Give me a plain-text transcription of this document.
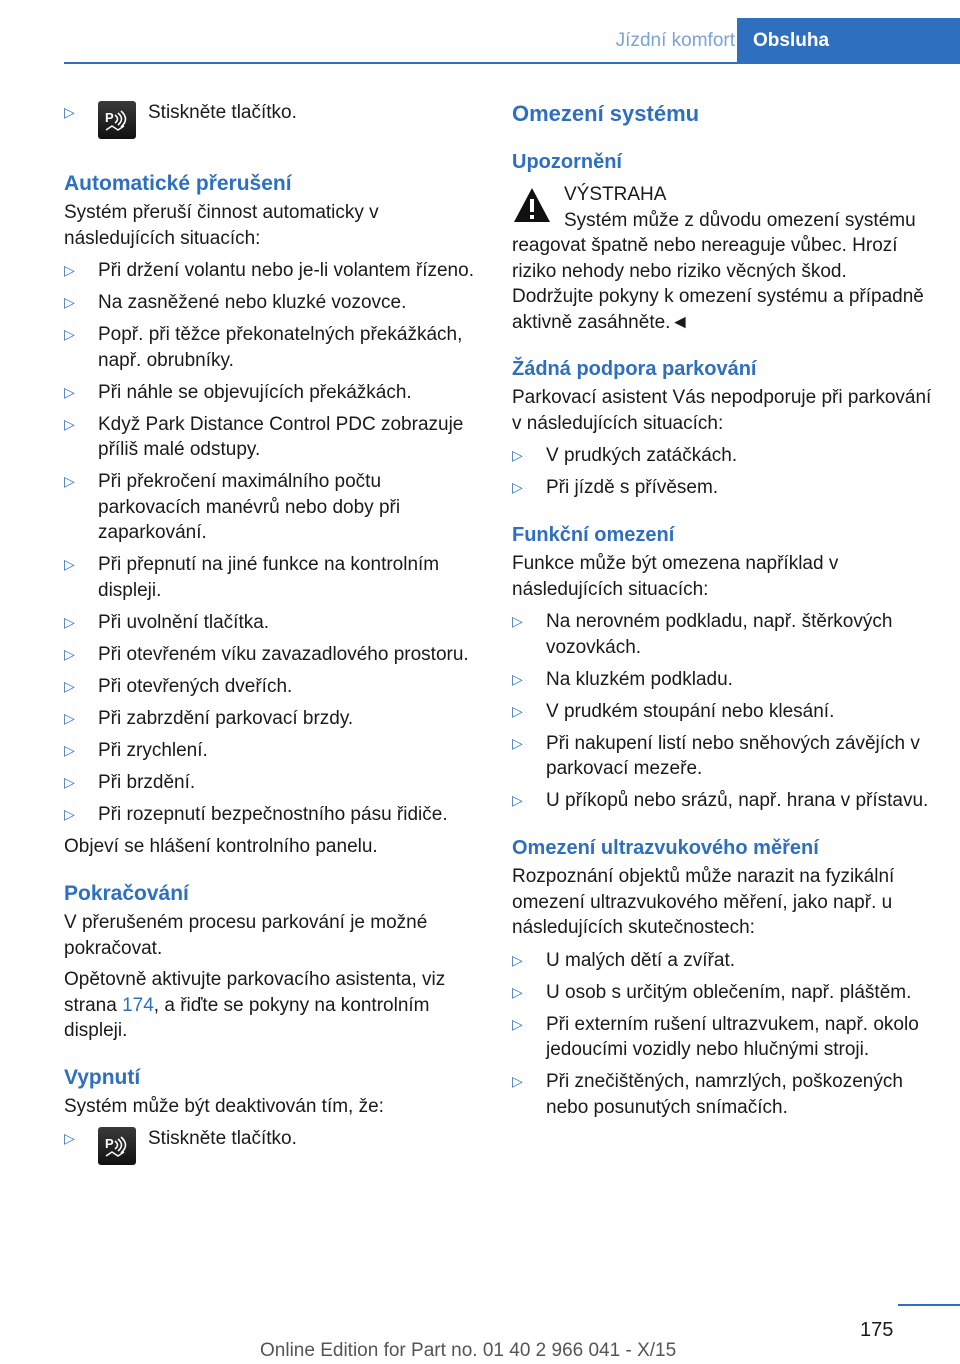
Jízdní komfort Obsluha
▷ P Stiskněte tlačítko.
Automatické přerušení

Systém přeruší činnost automaticky v následujících situacích:

▷ Při držení volantu nebo je-li volantem řízeno.
▷ Na zasněžené nebo kluzké vozovce.
▷ Popř. při těžce překonatelných překážkách, např. obrubníky.
▷ Při náhle se objevujících překážkách.
▷ Když Park Distance Control PDC zobrazuje příliš malé odstupy.
▷ Při překročení maximálního počtu parkovacích manévrů nebo doby při zaparkování.
▷ Při přepnutí na jiné funkce na kontrolním displeji.
▷ Při uvolnění tlačítka.
▷ Při otevřeném víku zavazadlového prostoru.
▷ Při otevřených dveřích.
▷ Při zabrzdění parkovací brzdy.
▷ Při zrychlení.
▷ Při brzdění.
▷ Při rozepnutí bezpečnostního pásu řidiče.

Objeví se hlášení kontrolního panelu.

Pokračování

V přerušeném procesu parkování je možné pokračovat.

Opětovně aktivujte parkovacího asistenta, viz strana 174, a řiďte se pokyny na kontrolním displeji.

Vypnutí

Systém může být deaktivován tím, že:

▷ P Stiskněte tlačítko.
Omezení systému
Upozornění

VÝSTRAHA

Systém může z důvodu omezení systému reagovat špatně nebo nereaguje vůbec. Hrozí riziko nehody nebo riziko věcných škod. Dodržujte pokyny k omezení systému a případně aktivně zasáhněte.◄

Žádná podpora parkování

Parkovací asistent Vás nepodporuje při parkování v následujících situacích:

▷ V prudkých zatáčkách.
▷ Při jízdě s přívěsem.
Funkční omezení

Funkce může být omezena například v následujících situacích:

▷ Na nerovném podkladu, např. štěrkových vozovkách.
▷ Na kluzkém podkladu.
▷ V prudkém stoupání nebo klesání.
▷ Při nakupení listí nebo sněhových závějích v parkovací mezeře.
▷ U příkopů nebo srázů, např. hrana v přístavu.
Omezení ultrazvukového měření

Rozpoznání objektů může narazit na fyzikální omezení ultrazvukového měření, jako např. u následujících skutečnostech:

▷ U malých dětí a zvířat.
▷ U osob s určitým oblečením, např. pláštěm.
▷ Při externím rušení ultrazvukem, např. okolo jedoucími vozidly nebo hlučnými stroji.
▷ Při znečištěných, namrzlých, poškozených nebo posunutých snímačích.
175
Online Edition for Part no. 01 40 2 966 041 - X/15
